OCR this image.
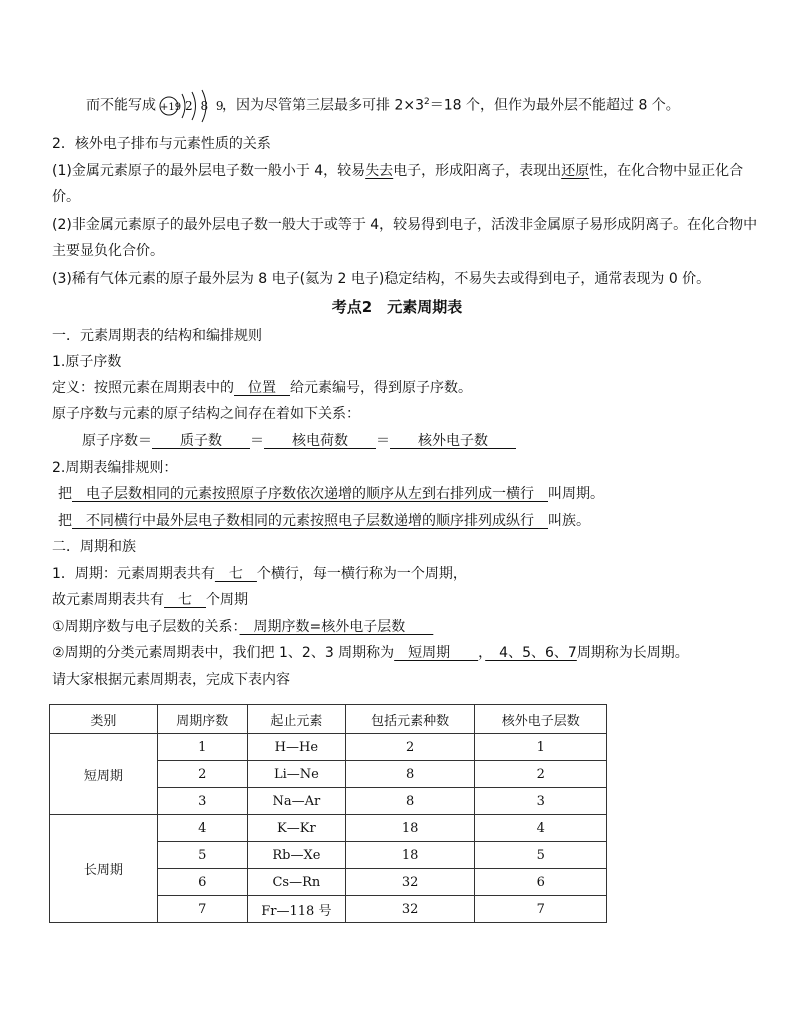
而不能写成 +19 2 8 9
，因为尽管第三层最多可排 $2\times 3^2=18$ 个，但作为最外层不能超过 8 个。
2．核外电子排布与元素性质的关系
(1)金属元素原子的最外层电子数一般小于 4，较易失去电子，形成阳离子，表现出还原性，在化合物中显正化合
价。
(2)非金属元素原子的最外层电子数一般大于或等于 4，较易得到电子，活泼非金属原子易形成阴离子。在化合物中
主要显负化合价。
(3)稀有气体元素的原子最外层为 8 电子(氦为 2 电子)稳定结构，不易失去或得到电子，通常表现为 0 价。
考点2　元素周期表
一．元素周期表的结构和编排规则
1.原子序数
定义：按照元素在周期表中的　位置　给元素编号，得到原子序数。
原子序数与元素的原子结构之间存在着如下关系：
原子序数＝　　质子数　　＝　　核电荷数　　＝　　核外电子数　　
2.周期表编排规则：
把　电子层数相同的元素按照原子序数依次递增的顺序从左到右排列成一横行　叫周期。
把　不同横行中最外层电子数相同的元素按照电子层数递增的顺序排列成纵行　叫族。
二．周期和族
1．周期：元素周期表共有　七　个横行，每一横行称为一个周期，
故元素周期表共有　七　个周期
①周期序数与电子层数的关系：　周期序数=核外电子层数　　
②周期的分类元素周期表中，我们把 1、2、3 周期称为　短周期　　，　4、5、6、7周期称为长周期。
请大家根据元素周期表，完成下表内容
类别	周期序数	起止元素	包括元素种数	核外电子层数
短周期	1	H—He	2	1
	2	Li—Ne	8	2
	3	Na—Ar	8	3
长周期	4	K—Kr	18	4
	5	Rb—Xe	18	5
	6	Cs—Rn	32	6
	7	Fr—118 号	32	7
